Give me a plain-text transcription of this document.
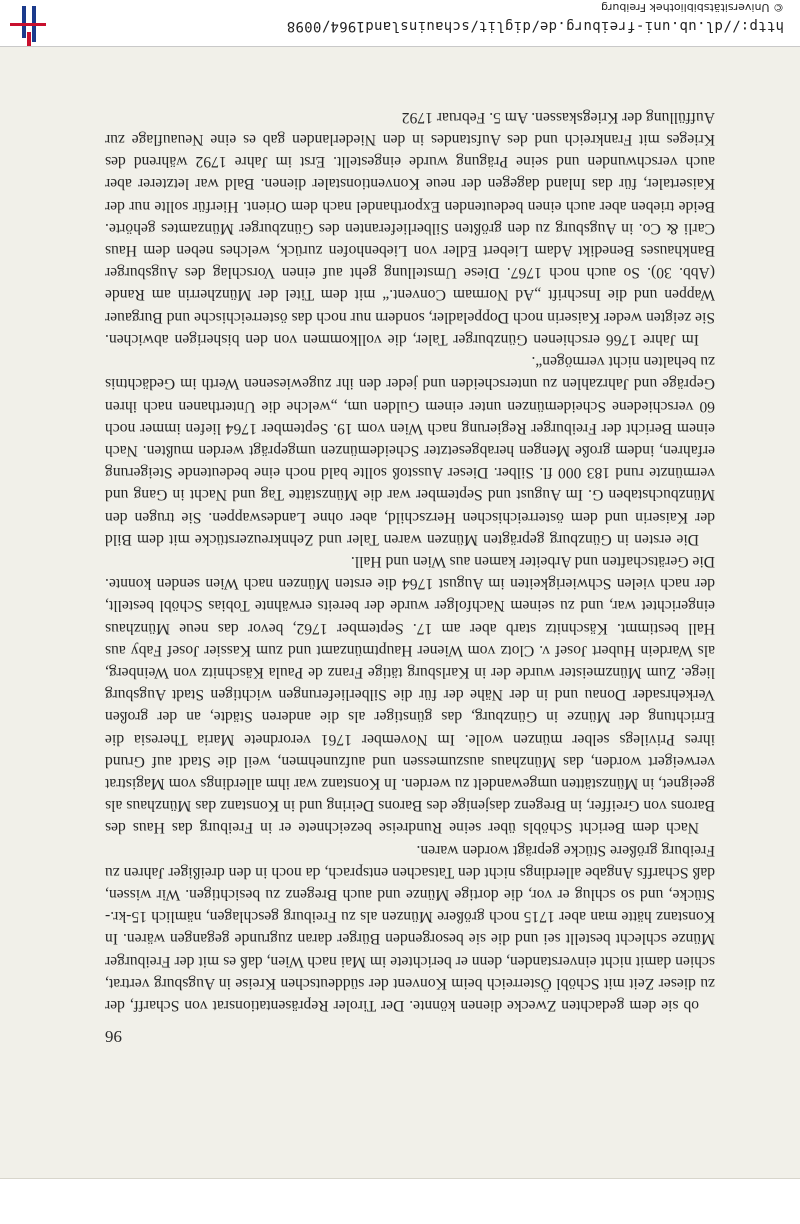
ob sie dem gedachten Zwecke dienen könnte. Der Tiroler Repräsentationsrat von Scharff, der zu dieser Zeit mit Schöbl Österreich beim Konvent der süddeutschen Kreise in Augsburg vertrat, schien damit nicht einverstanden, denn er berichtete im Mai nach Wien, daß es mit der Freiburger Münze schlecht bestellt sei und die sie besorgenden Bürger daran zugrunde gegangen wären. In Konstanz hätte man aber 1715 noch größere Münzen als zu Freiburg geschlagen, nämlich 15-kr.-Stücke, und so schlug er vor, die dortige Münze und auch Bregenz zu besichtigen. Wir wissen, daß Scharffs Angabe allerdings nicht den Tatsachen entsprach, da noch in den dreißiger Jahren zu Freiburg größere Stücke geprägt worden waren.

Nach dem Bericht Schöbls über seine Rundreise bezeichnete er in Freiburg das Haus des Barons von Greiffer, in Bregenz dasjenige des Barons Deiring und in Konstanz das Münzhaus als geeignet, in Münzstätten umgewandelt zu werden. In Konstanz war ihm allerdings vom Magistrat verweigert worden, das Münzhaus auszumessen und aufzunehmen, weil die Stadt auf Grund ihres Privilegs selber münzen wolle. Im November 1761 verordnete Maria Theresia die Errichtung der Münze in Günzburg, das günstiger als die anderen Städte, an der großen Verkehrsader Donau und in der Nähe der für die Silberlieferungen wichtigen Stadt Augsburg liege. Zum Münzmeister wurde der in Karlsburg tätige Franz de Paula Käschnitz von Weinberg, als Wardein Hubert Josef v. Clotz vom Wiener Hauptmünzamt und zum Kassier Josef Faby aus Hall bestimmt. Käschnitz starb aber am 17. September 1762, bevor das neue Münzhaus eingerichtet war, und zu seinem Nachfolger wurde der bereits erwähnte Tobias Schöbl bestellt, der nach vielen Schwierigkeiten im August 1764 die ersten Münzen nach Wien senden konnte. Die Gerätschaften und Arbeiter kamen aus Wien und Hall.

Die ersten in Günzburg geprägten Münzen waren Taler und Zehnkreuzerstücke mit dem Bild der Kaiserin und dem österreichischen Herzschild, aber ohne Landeswappen. Sie trugen den Münzbuchstaben G. Im August und September war die Münzstätte Tag und Nacht in Gang und vermünzte rund 183 000 fl. Silber. Dieser Ausstoß sollte bald noch eine bedeutende Steigerung erfahren, indem große Mengen herabgesetzter Scheidemünzen umgeprägt werden mußten. Nach einem Bericht der Freiburger Regierung nach Wien vom 19. September 1764 liefen immer noch 60 verschiedene Scheidemünzen unter einem Gulden um, „welche die Unterthanen nach ihren Gepräge und Jahrzahlen zu unterscheiden und jeder den ihr zugewiesenen Werth im Gedächtnis zu behalten nicht vermögen“.

Im Jahre 1766 erschienen Günzburger Taler, die vollkommen von den bisherigen abwichen. Sie zeigten weder Kaiserin noch Doppeladler, sondern nur noch das österreichische und Burgauer Wappen und die Inschrift „Ad Normam Convent.“ mit dem Titel der Münzherrin am Rande (Abb. 30). So auch noch 1767. Diese Umstellung geht auf einen Vorschlag des Augsburger Bankhauses Benedikt Adam Liebert Edler von Liebenhofen zurück, welches neben dem Haus Carli & Co. in Augsburg zu den größten Silberlieferanten des Günzburger Münzamtes gehörte. Beide trieben aber auch einen bedeutenden Exporthandel nach dem Orient. Hierfür sollte nur der Kaisertaler, für das Inland dagegen der neue Konventionstaler dienen. Bald war letzterer aber auch verschwunden und seine Prägung wurde eingestellt. Erst im Jahre 1792 während des Krieges mit Frankreich und des Aufstandes in den Niederlanden gab es eine Neuauflage zur Auffüllung der Kriegskassen. Am 5. Februar 1792

96
http://dl.ub.uni-freiburg.de/diglit/schauinsland1964/0098
© Universitätsbibliothek Freiburg
